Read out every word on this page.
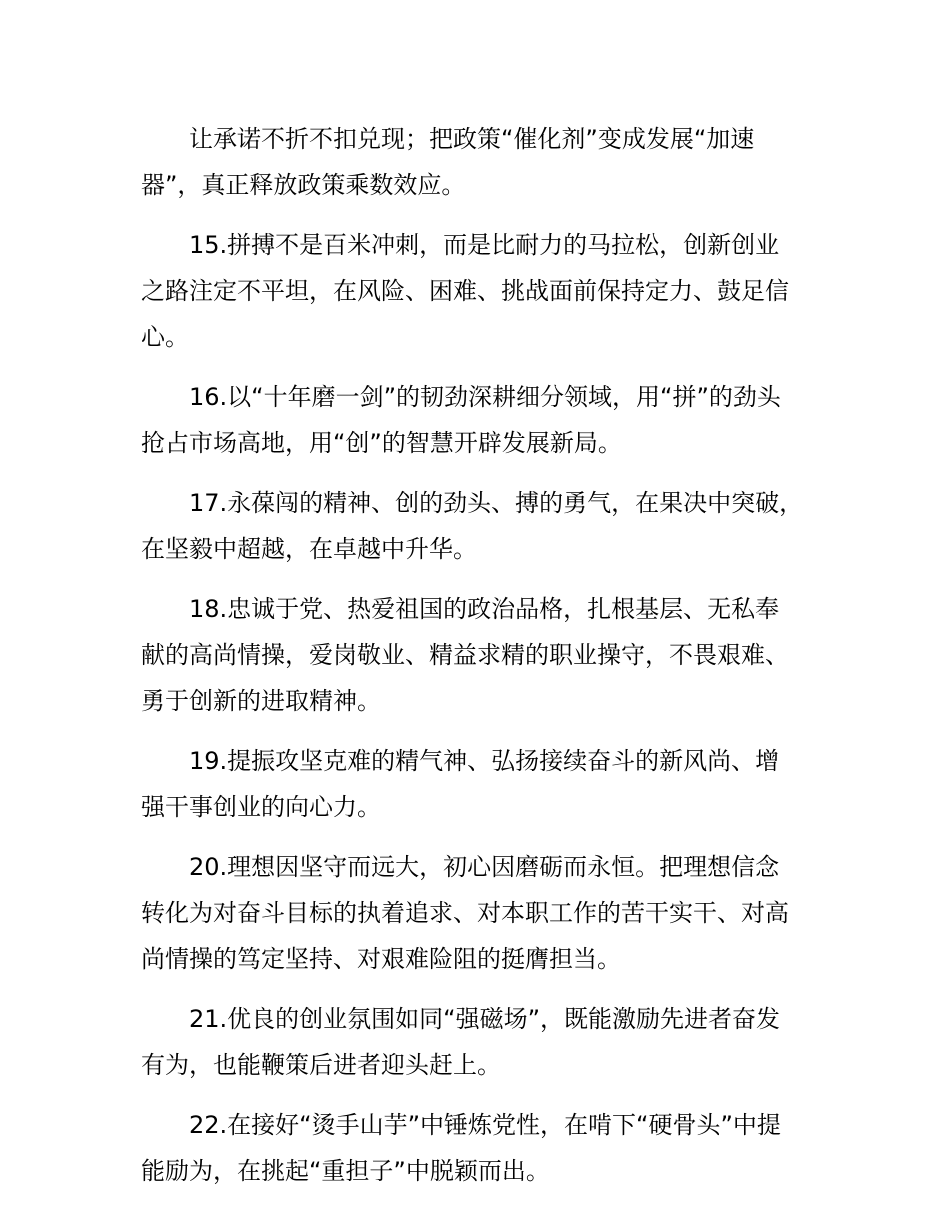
让承诺不折不扣兑现；把政策“催化剂”变成发展“加速
器”，真正释放政策乘数效应。

15.拼搏不是百米冲刺，而是比耐力的马拉松，创新创业
之路注定不平坦，在风险、困难、挑战面前保持定力、鼓足信
心。

16.以“十年磨一剑”的韧劲深耕细分领域，用“拼”的劲头
抢占市场高地，用“创”的智慧开辟发展新局。

17.永葆闯的精神、创的劲头、搏的勇气，在果决中突破，
在坚毅中超越，在卓越中升华。

18.忠诚于党、热爱祖国的政治品格，扎根基层、无私奉
献的高尚情操，爱岗敬业、精益求精的职业操守，不畏艰难、
勇于创新的进取精神。

19.提振攻坚克难的精气神、弘扬接续奋斗的新风尚、增
强干事创业的向心力。

20.理想因坚守而远大，初心因磨砺而永恒。把理想信念
转化为对奋斗目标的执着追求、对本职工作的苦干实干、对高
尚情操的笃定坚持、对艰难险阻的挺膺担当。

21.优良的创业氛围如同“强磁场”，既能激励先进者奋发
有为，也能鞭策后进者迎头赶上。

22.在接好“烫手山芋”中锤炼党性，在啃下“硬骨头”中提
能励为，在挑起“重担子”中脱颖而出。
